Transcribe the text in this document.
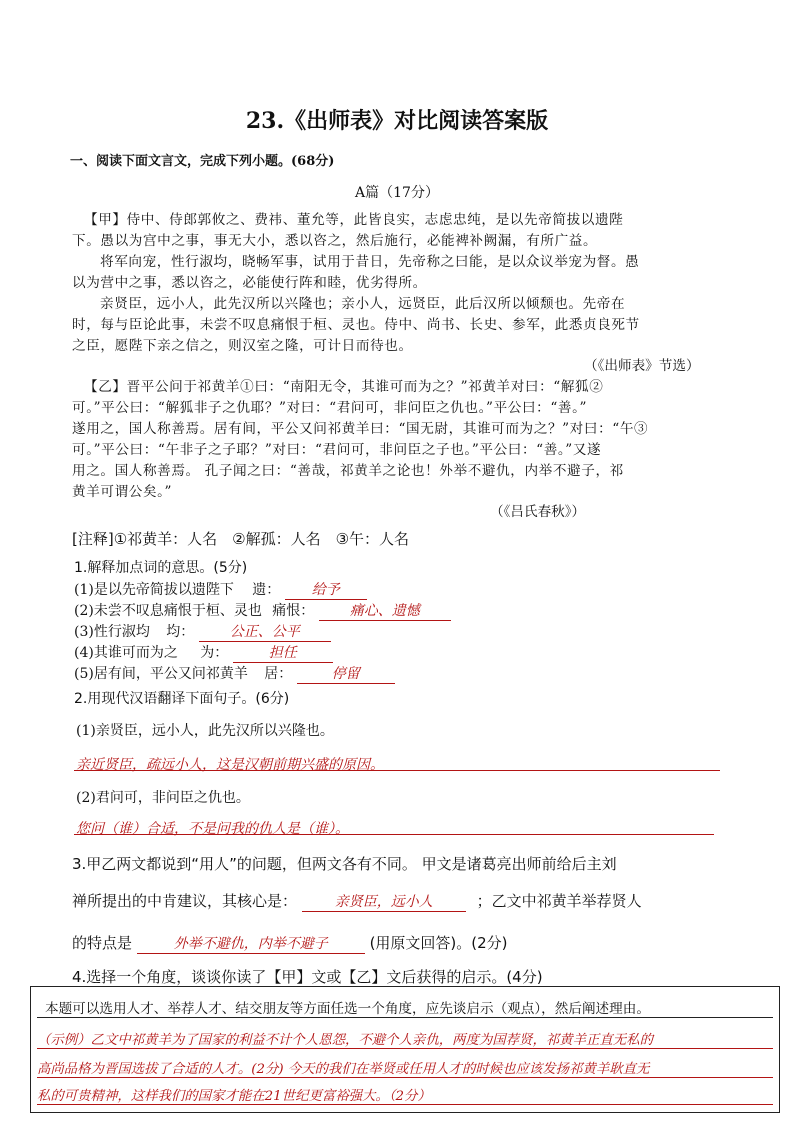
23.《出师表》对比阅读答案版
一、阅读下面文言文，完成下列小题。(68分)
A篇（17分）
【甲】侍中、侍郎郭攸之、费祎、董允等，此皆良实，志虑忠纯，是以先帝简拔以遗陛
下。愚以为宫中之事，事无大小，悉以咨之，然后施行，必能裨补阙漏，有所广益。
将军向宠，性行淑均，晓畅军事，试用于昔日，先帝称之曰能，是以众议举宠为督。愚
以为营中之事，悉以咨之，必能使行阵和睦，优劣得所。
亲贤臣，远小人，此先汉所以兴隆也；亲小人，远贤臣，此后汉所以倾颓也。先帝在
时，每与臣论此事，未尝不叹息痛恨于桓、灵也。侍中、尚书、长史、参军，此悉贞良死节
之臣，愿陛下亲之信之，则汉室之隆，可计日而待也。
（《出师表》节选）
【乙】晋平公问于祁黄羊①曰：“南阳无令，其谁可而为之？”祁黄羊对曰：“解狐②
可。”平公曰：“解狐非子之仇耶？”对曰：“君问可，非问臣之仇也。”平公曰：“善。”
遂用之，国人称善焉。居有间，平公又问祁黄羊曰：“国无尉，其谁可而为之？”对曰：“午③
可。”平公曰：“午非子之子耶？”对曰：“君问可，非问臣之子也。”平公曰：“善。”又遂
用之。国人称善焉。 孔子闻之曰：“善哉，祁黄羊之论也！外举不避仇，内举不避子，祁
黄羊可谓公矣。”
（《吕氏春秋》）
[注释]①祁黄羊：人名　②解孤：人名　③午：人名
1.解释加点词的意思。(5分)
(1)是以先帝简拔以遗陛下 遗： 给予
(2)未尝不叹息痛恨于桓、灵也 痛恨：	痛心、遗憾
(3)性行淑均 均：	公正、公平
(4)其谁可而为之 为：	担任
(5)居有间，平公又问祁黄羊 居：	停留
2.用现代汉语翻译下面句子。(6分)
(1)亲贤臣，远小人，此先汉所以兴隆也。
亲近贤臣，疏远小人，这是汉朝前期兴盛的原因。
(2)君问可，非问臣之仇也。
您问（谁）合适，不是问我的仇人是（谁）。
3.甲乙两文都说到“用人”的问题，但两文各有不同。 甲文是诸葛亮出师前给后主刘
禅所提出的中肯建议，其核心是：	亲贤臣，远小人	；乙文中祁黄羊举荐贤人
的特点是	外举不避仇，内举不避子	(用原文回答)。(2分)
4.选择一个角度，谈谈你读了【甲】文或【乙】文后获得的启示。(4分)
本题可以选用人才、举荐人才、结交朋友等方面任选一个角度，应先谈启示（观点），然后阐述理由。
（示例）乙文中祁黄羊为了国家的利益不计个人恩怨，不避个人亲仇，两度为国荐贤，祁黄羊正直无私的
高尚品格为晋国选拔了合适的人才。(2分) 今天的我们在举贤或任用人才的时候也应该发扬祁黄羊耿直无
私的可贵精神，这样我们的国家才能在21世纪更富裕强大。（2分）
